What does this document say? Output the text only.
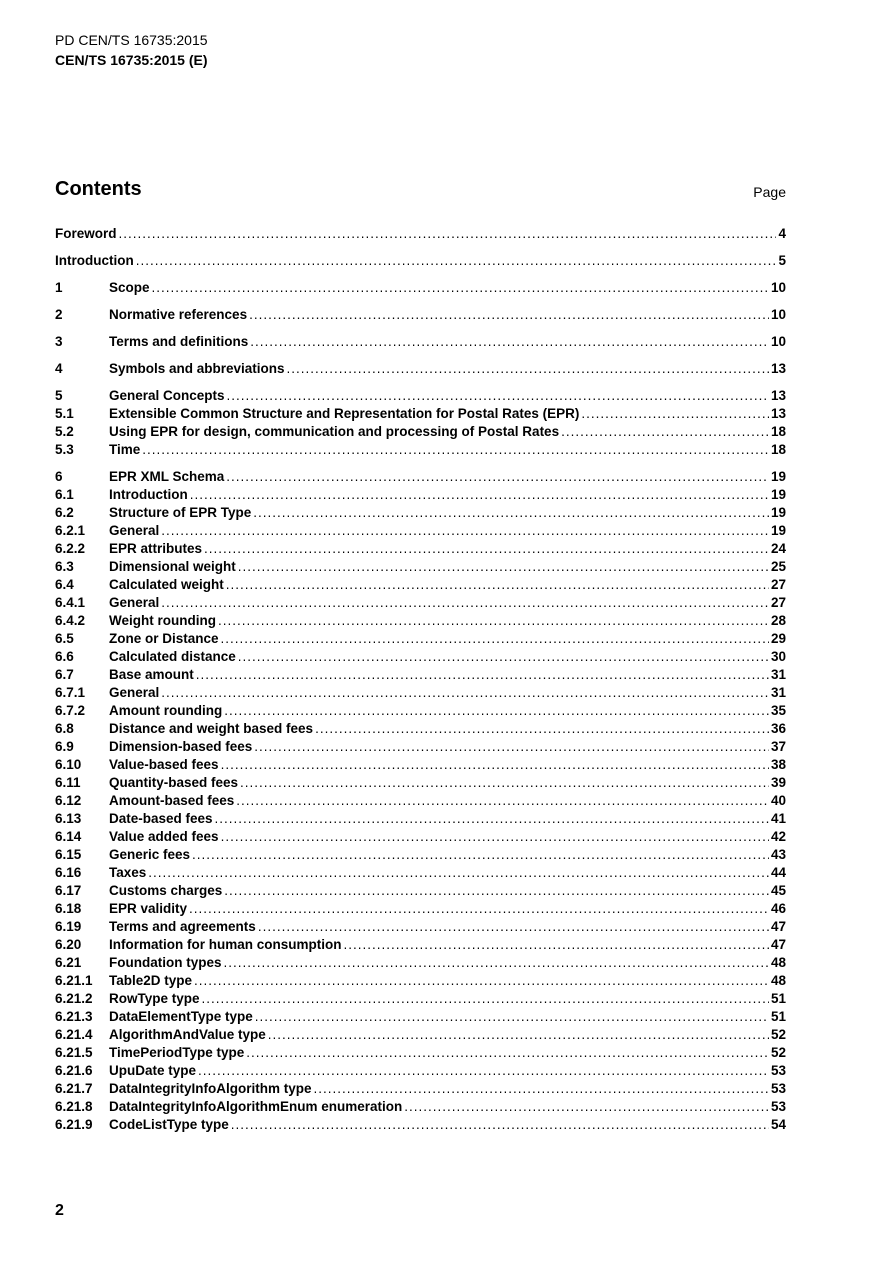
PD CEN/TS 16735:2015
CEN/TS 16735:2015 (E)
Contents	Page
Foreword .....	4
Introduction .....	5
1	Scope .....	10
2	Normative references .....	10
3	Terms and definitions .....	10
4	Symbols and abbreviations .....	13
5	General Concepts .....	13
5.1	Extensible Common Structure and Representation for Postal Rates (EPR) .....	13
5.2	Using EPR for design, communication and processing of Postal Rates .....	18
5.3	Time .....	18
6	EPR XML Schema .....	19
6.1	Introduction .....	19
6.2	Structure of EPR Type .....	19
6.2.1	General .....	19
6.2.2	EPR attributes .....	24
6.3	Dimensional weight .....	25
6.4	Calculated weight .....	27
6.4.1	General .....	27
6.4.2	Weight rounding .....	28
6.5	Zone or Distance .....	29
6.6	Calculated distance .....	30
6.7	Base amount .....	31
6.7.1	General .....	31
6.7.2	Amount rounding .....	35
6.8	Distance and weight based fees .....	36
6.9	Dimension-based fees .....	37
6.10	Value-based fees .....	38
6.11	Quantity-based fees .....	39
6.12	Amount-based fees .....	40
6.13	Date-based fees .....	41
6.14	Value added fees .....	42
6.15	Generic fees .....	43
6.16	Taxes .....	44
6.17	Customs charges .....	45
6.18	EPR validity .....	46
6.19	Terms and agreements .....	47
6.20	Information for human consumption .....	47
6.21	Foundation types .....	48
6.21.1	Table2D type .....	48
6.21.2	RowType type .....	51
6.21.3	DataElementType type .....	51
6.21.4	AlgorithmAndValue type .....	52
6.21.5	TimePeriodType type .....	52
6.21.6	UpuDate type .....	53
6.21.7	DataIntegrityInfoAlgorithm type .....	53
6.21.8	DataIntegrityInfoAlgorithmEnum enumeration .....	53
6.21.9	CodeListType type .....	54
2
